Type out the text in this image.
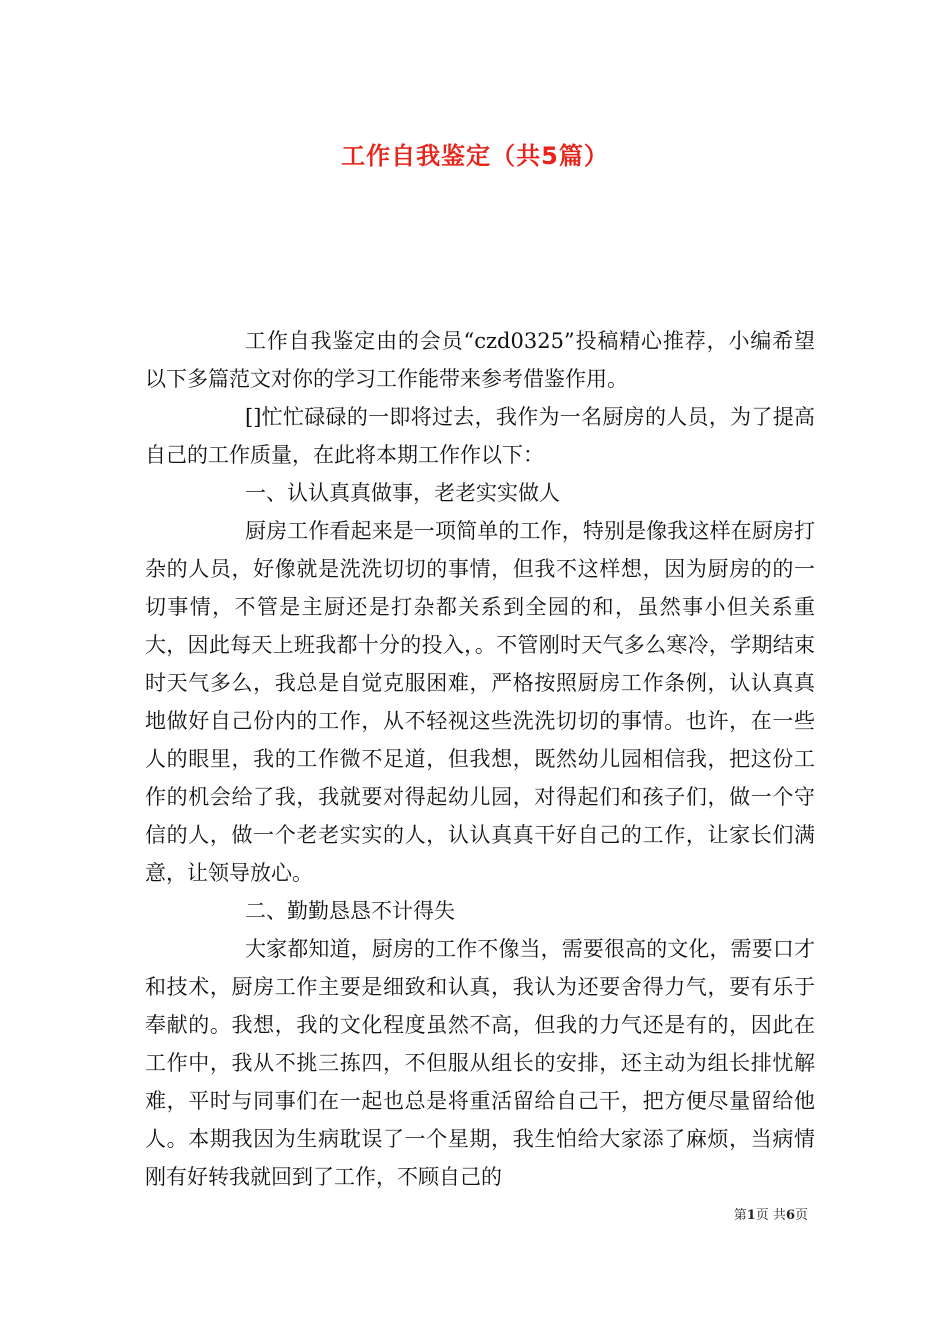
工作自我鉴定（共5篇）

工作自我鉴定由的会员“czd0325”投稿精心推荐，小编希望以下多篇范文对你的学习工作能带来参考借鉴作用。

[]忙忙碌碌的一即将过去，我作为一名厨房的人员，为了提高自己的工作质量，在此将本期工作作以下：

一、认认真真做事，老老实实做人

厨房工作看起来是一项简单的工作，特别是像我这样在厨房打杂的人员，好像就是洗洗切切的事情，但我不这样想，因为厨房的的一切事情，不管是主厨还是打杂都关系到全园的和，虽然事小但关系重大，因此每天上班我都十分的投入，。不管刚时天气多么寒冷，学期结束时天气多么，我总是自觉克服困难，严格按照厨房工作条例，认认真真地做好自己份内的工作，从不轻视这些洗洗切切的事情。也许，在一些人的眼里，我的工作微不足道，但我想，既然幼儿园相信我，把这份工作的机会给了我，我就要对得起幼儿园，对得起们和孩子们，做一个守信的人，做一个老老实实的人，认认真真干好自己的工作，让家长们满意，让领导放心。

二、勤勤恳恳不计得失

大家都知道，厨房的工作不像当，需要很高的文化，需要口才和技术，厨房工作主要是细致和认真，我认为还要舍得力气，要有乐于奉献的。我想，我的文化程度虽然不高，但我的力气还是有的，因此在工作中，我从不挑三拣四，不但服从组长的安排，还主动为组长排忧解难，平时与同事们在一起也总是将重活留给自己干，把方便尽量留给他人。本期我因为生病耽误了一个星期，我生怕给大家添了麻烦，当病情刚有好转我就回到了工作，不顾自己的

第1页 共6页
